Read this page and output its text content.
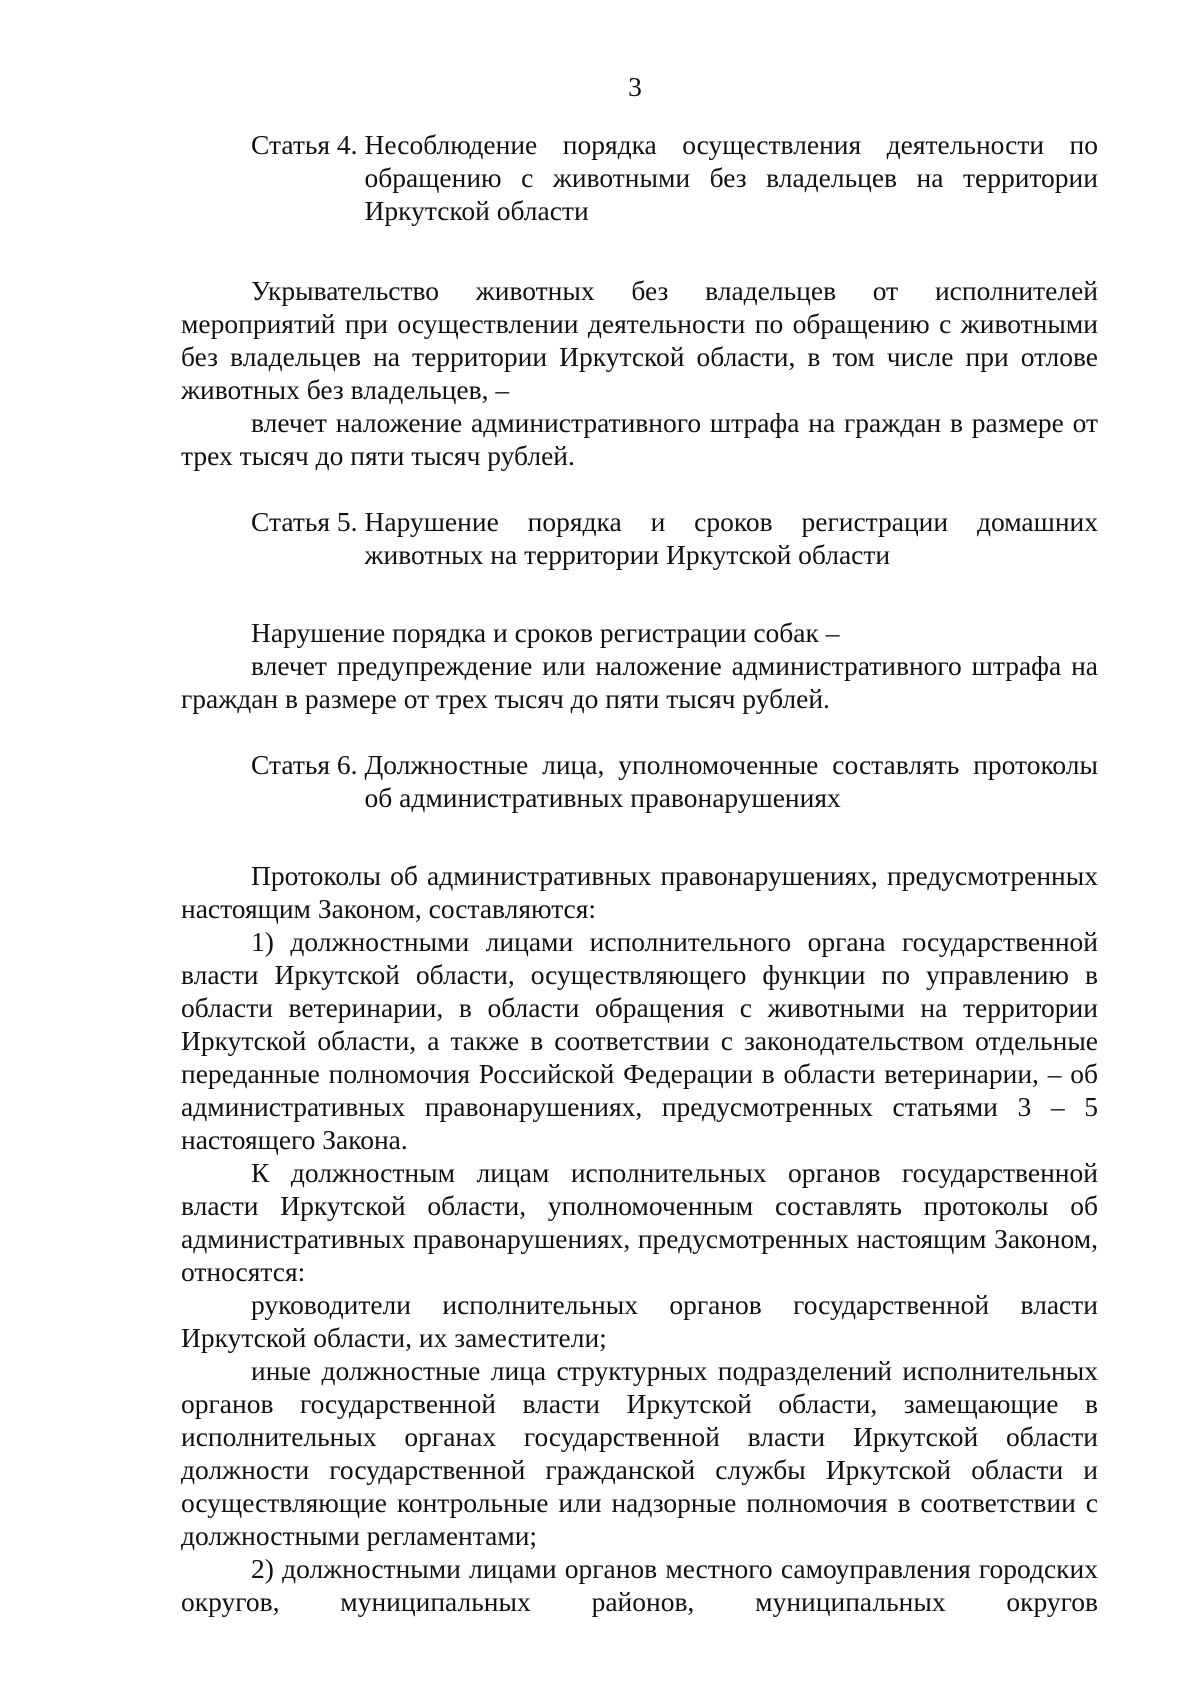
3
Статья 4. Несоблюдение порядка осуществления деятельности по обращению с животными без владельцев на территории Иркутской области

Укрывательство животных без владельцев от исполнителей мероприятий при осуществлении деятельности по обращению с животными без владельцев на территории Иркутской области, в том числе при отлове животных без владельцев, –

влечет наложение административного штрафа на граждан в размере от трех тысяч до пяти тысяч рублей.

Статья 5. Нарушение порядка и сроков регистрации домашних животных на территории Иркутской области

Нарушение порядка и сроков регистрации собак –

влечет предупреждение или наложение административного штрафа на граждан в размере от трех тысяч до пяти тысяч рублей.

Статья 6. Должностные лица, уполномоченные составлять протоколы об административных правонарушениях

Протоколы об административных правонарушениях, предусмотренных настоящим Законом, составляются:

1) должностными лицами исполнительного органа государственной власти Иркутской области, осуществляющего функции по управлению в области ветеринарии, в области обращения с животными на территории Иркутской области, а также в соответствии с законодательством отдельные переданные полномочия Российской Федерации в области ветеринарии, – об административных правонарушениях, предусмотренных статьями 3 – 5 настоящего Закона.

К должностным лицам исполнительных органов государственной власти Иркутской области, уполномоченным составлять протоколы об административных правонарушениях, предусмотренных настоящим Законом, относятся:

руководители исполнительных органов государственной власти Иркутской области, их заместители;

иные должностные лица структурных подразделений исполнительных органов государственной власти Иркутской области, замещающие в исполнительных органах государственной власти Иркутской области должности государственной гражданской службы Иркутской области и осуществляющие контрольные или надзорные полномочия в соответствии с должностными регламентами;

2) должностными лицами органов местного самоуправления городских округов, муниципальных районов, муниципальных округов
